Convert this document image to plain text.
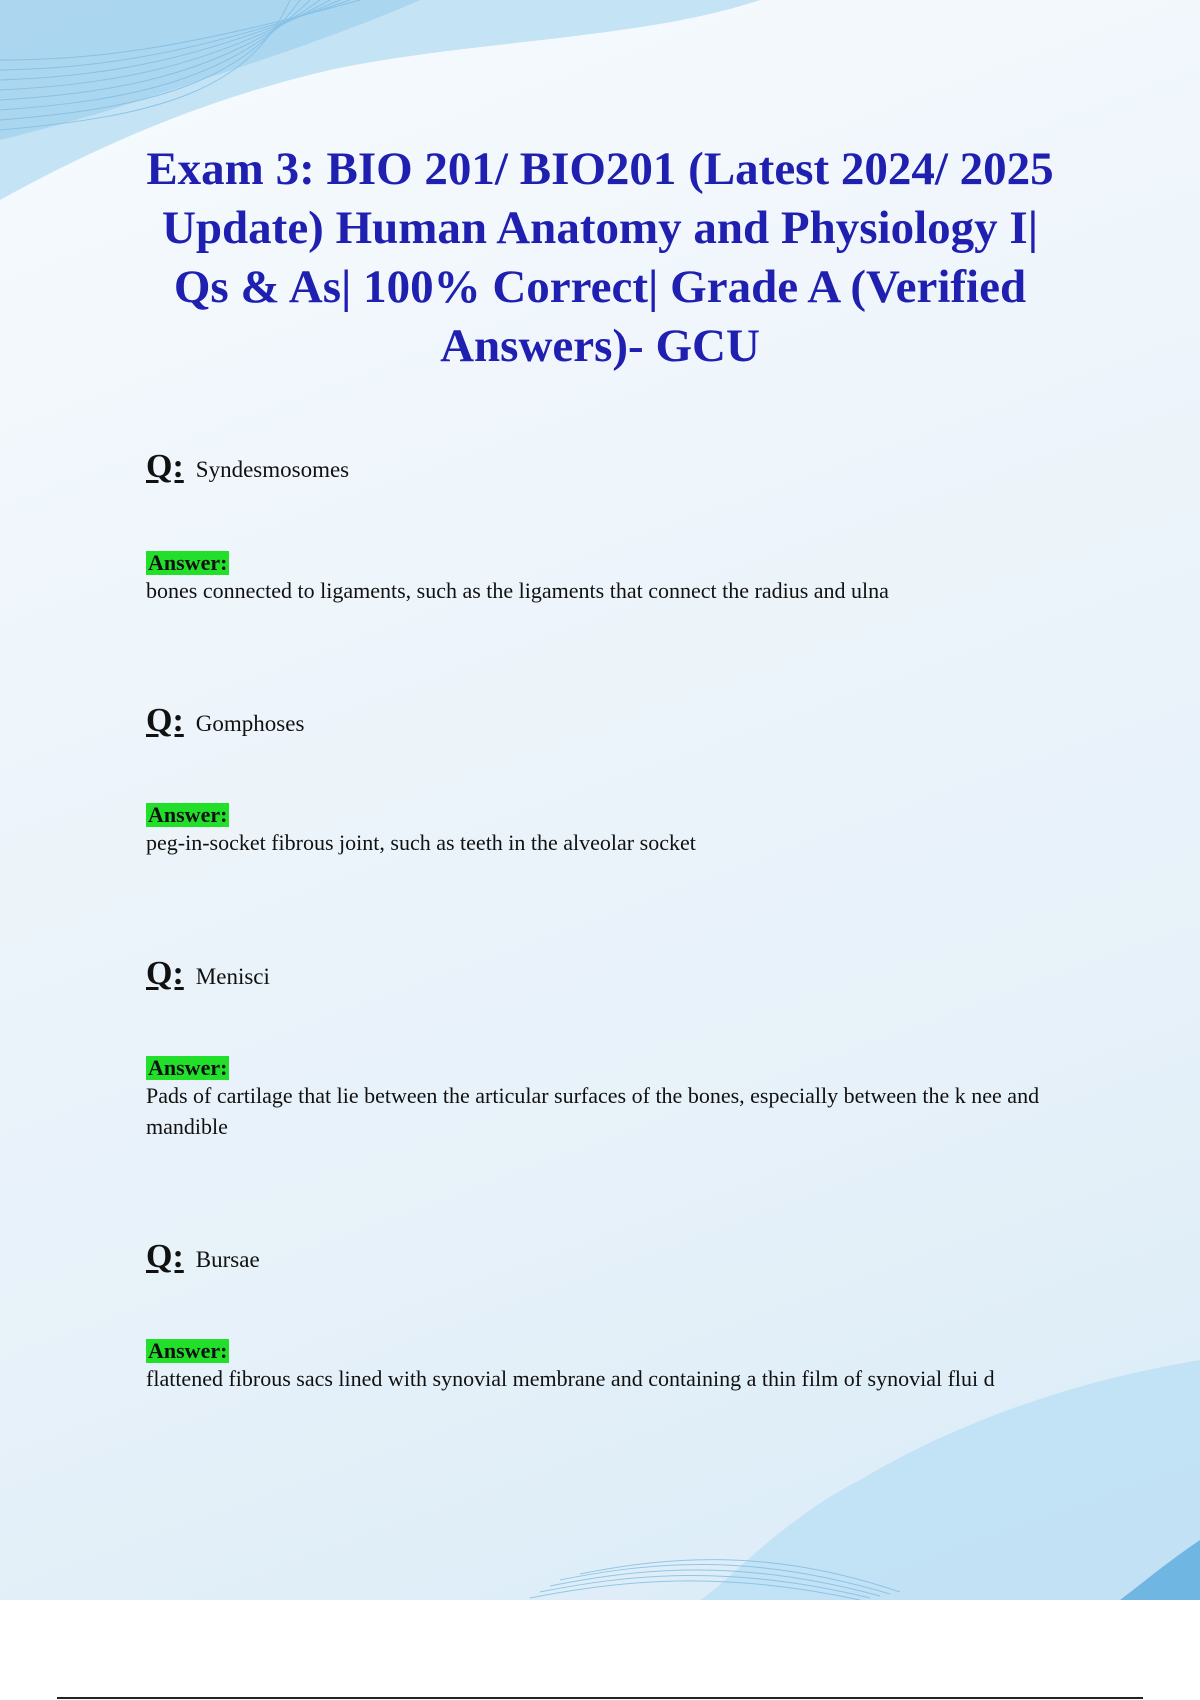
Exam 3: BIO 201/ BIO201 (Latest 2024/ 2025 Update) Human Anatomy and Physiology I| Qs & As| 100% Correct| Grade A (Verified Answers)- GCU
Q: Syndesmosomes
Answer:
bones connected to ligaments, such as the ligaments that connect the radius and ulna
Q: Gomphoses
Answer:
peg-in-socket fibrous joint, such as teeth in the alveolar socket
Q: Menisci
Answer:
Pads of cartilage that lie between the articular surfaces of the bones, especially between the k nee and mandible
Q: Bursae
Answer:
flattened fibrous sacs lined with synovial membrane and containing a thin film of synovial flui d
